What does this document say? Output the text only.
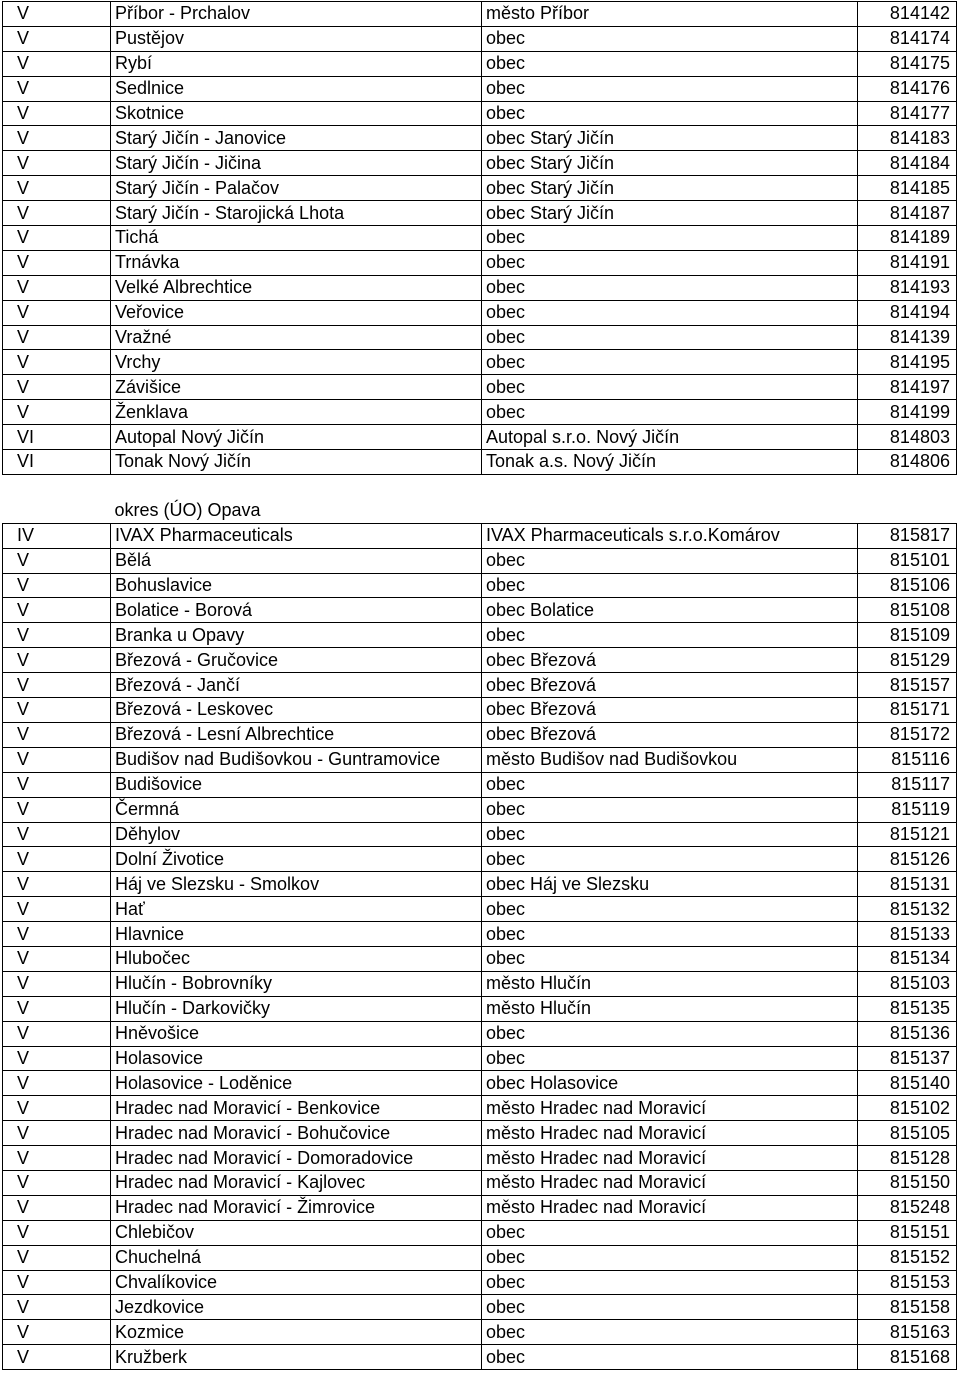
V	Příbor - Prchalov	město Příbor	814142
V	Pustějov	obec	814174
V	Rybí	obec	814175
V	Sedlnice	obec	814176
V	Skotnice	obec	814177
V	Starý Jičín - Janovice	obec Starý Jičín	814183
V	Starý Jičín - Jičina	obec Starý Jičín	814184
V	Starý Jičín - Palačov	obec Starý Jičín	814185
V	Starý Jičín - Starojická Lhota	obec Starý Jičín	814187
V	Tichá	obec	814189
V	Trnávka	obec	814191
V	Velké Albrechtice	obec	814193
V	Veřovice	obec	814194
V	Vražné	obec	814139
V	Vrchy	obec	814195
V	Závišice	obec	814197
V	Ženklava	obec	814199
VI	Autopal Nový Jičín	Autopal s.r.o. Nový Jičín	814803
VI	Tonak Nový Jičín	Tonak a.s. Nový Jičín	814806

	okres (ÚO) Opava		
IV	IVAX Pharmaceuticals	IVAX Pharmaceuticals s.r.o.Komárov	815817
V	Bělá	obec	815101
V	Bohuslavice	obec	815106
V	Bolatice - Borová	obec Bolatice	815108
V	Branka u Opavy	obec	815109
V	Březová - Gručovice	obec Březová	815129
V	Březová - Jančí	obec Březová	815157
V	Březová - Leskovec	obec Březová	815171
V	Březová - Lesní Albrechtice	obec Březová	815172
V	Budišov nad Budišovkou - Guntramovice	město Budišov nad Budišovkou	815116
V	Budišovice	obec	815117
V	Čermná	obec	815119
V	Děhylov	obec	815121
V	Dolní Životice	obec	815126
V	Háj ve Slezsku - Smolkov	obec Háj ve Slezsku	815131
V	Hať	obec	815132
V	Hlavnice	obec	815133
V	Hlubočec	obec	815134
V	Hlučín - Bobrovníky	město Hlučín	815103
V	Hlučín - Darkovičky	město Hlučín	815135
V	Hněvošice	obec	815136
V	Holasovice	obec	815137
V	Holasovice - Loděnice	obec Holasovice	815140
V	Hradec nad Moravicí - Benkovice	město Hradec nad Moravicí	815102
V	Hradec nad Moravicí - Bohučovice	město Hradec nad Moravicí	815105
V	Hradec nad Moravicí - Domoradovice	město Hradec nad Moravicí	815128
V	Hradec nad Moravicí - Kajlovec	město Hradec nad Moravicí	815150
V	Hradec nad Moravicí - Žimrovice	město Hradec nad Moravicí	815248
V	Chlebičov	obec	815151
V	Chuchelná	obec	815152
V	Chvalíkovice	obec	815153
V	Jezdkovice	obec	815158
V	Kozmice	obec	815163
V	Kružberk	obec	815168
